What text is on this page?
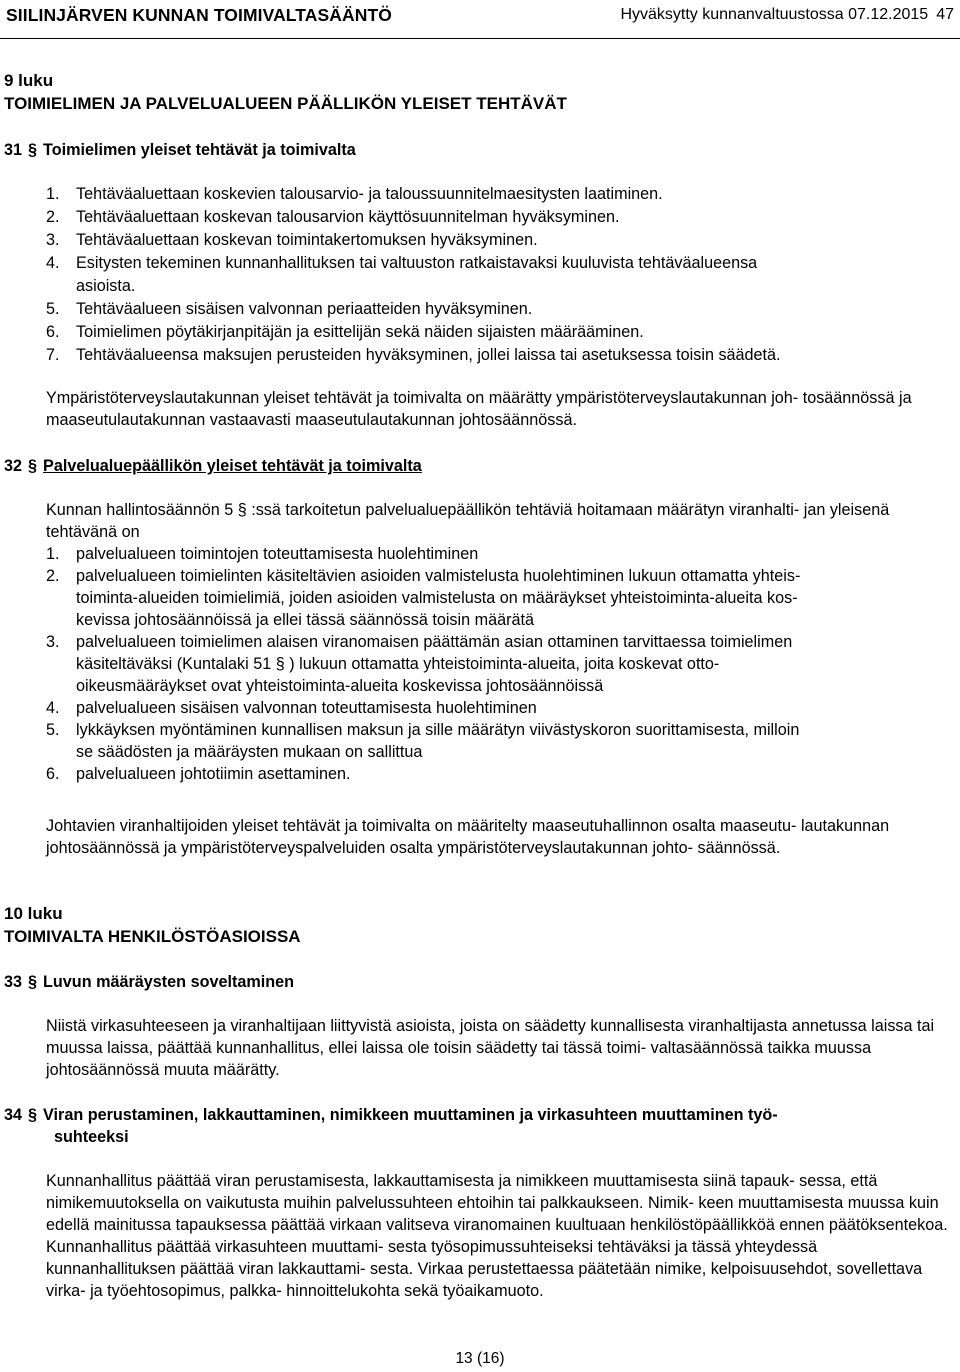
SIILINJÄRVEN KUNNAN TOIMIVALTASÄÄNTÖ	Hyväksytty kunnanvaltuustossa 07.12.2015 47
9 luku
TOIMIELIMEN JA PALVELUALUEEN PÄÄLLIKÖN YLEISET TEHTÄVÄT
31 § Toimielimen yleiset tehtävät ja toimivalta
1. Tehtäväaluettaan koskevien talousarvio- ja taloussuunnitelmaesitysten laatiminen.
2. Tehtäväaluettaan koskevan talousarvion käyttösuunnitelman hyväksyminen.
3. Tehtäväaluettaan koskevan toimintakertomuksen hyväksyminen.
4. Esitysten tekeminen kunnanhallituksen tai valtuuston ratkaistavaksi kuuluvista tehtäväalueensa
asioista.
5. Tehtäväalueen sisäisen valvonnan periaatteiden hyväksyminen.
6. Toimielimen pöytäkirjanpitäjän ja esittelijän sekä näiden sijaisten määrääminen.
7. Tehtäväalueensa maksujen perusteiden hyväksyminen, jollei laissa tai asetuksessa toisin säädetä.
Ympäristöterveyslautakunnan yleiset tehtävät ja toimivalta on määrätty ympäristöterveyslautakunnan joh- tosäännössä ja maaseutulautakunnan vastaavasti maaseutulautakunnan johtosäännössä.
32 § Palvelualuepäällikön yleiset tehtävät ja toimivalta
Kunnan hallintosäännön 5 § :ssä tarkoitetun palvelualuepäällikön tehtäviä hoitamaan määrätyn viranhalti- jan yleisenä tehtävänä on
1. palvelualueen toimintojen toteuttamisesta huolehtiminen
2. palvelualueen toimielinten käsiteltävien asioiden valmistelusta huolehtiminen lukuun ottamatta yhteis-
toiminta-alueiden toimielimiä, joiden asioiden valmistelusta on määräykset yhteistoiminta-alueita kos-
kevissa johtosäännöissä ja ellei tässä säännössä toisin määrätä
3. palvelualueen toimielimen alaisen viranomaisen päättämän asian ottaminen tarvittaessa toimielimen
käsiteltäväksi (Kuntalaki 51 § ) lukuun ottamatta yhteistoiminta-alueita, joita koskevat otto-
oikeusmääräykset ovat yhteistoiminta-alueita koskevissa johtosäännöissä
4. palvelualueen sisäisen valvonnan toteuttamisesta huolehtiminen
5. lykkäyksen myöntäminen kunnallisen maksun ja sille määrätyn viivästyskoron suorittamisesta, milloin
se säädösten ja määräysten mukaan on sallittua
6. palvelualueen johtotiimin asettaminen.
Johtavien viranhaltijoiden yleiset tehtävät ja toimivalta on määritelty maaseutuhallinnon osalta maaseutu- lautakunnan johtosäännössä ja ympäristöterveyspalveluiden osalta ympäristöterveyslautakunnan johto- säännössä.
10 luku
TOIMIVALTA HENKILÖSTÖASIOISSA
33 § Luvun määräysten soveltaminen
Niistä virkasuhteeseen ja viranhaltijaan liittyvistä asioista, joista on säädetty kunnallisesta viranhaltijasta annetussa laissa tai muussa laissa, päättää kunnanhallitus, ellei laissa ole toisin säädetty tai tässä toimi- valtasäännössä taikka muussa johtosäännössä muuta määrätty.
34 § Viran perustaminen, lakkauttaminen, nimikkeen muuttaminen ja virkasuhteen muuttaminen työ-
suhteeksi
Kunnanhallitus päättää viran perustamisesta, lakkauttamisesta ja nimikkeen muuttamisesta siinä tapauk- sessa, että nimikemuutoksella on vaikutusta muihin palvelussuhteen ehtoihin tai palkkaukseen. Nimik- keen muuttamisesta muussa kuin edellä mainitussa tapauksessa päättää virkaan valitseva viranomainen kuultuaan henkilöstöpäällikköä ennen päätöksentekoa. Kunnanhallitus päättää virkasuhteen muuttami- sesta työsopimussuhteiseksi tehtäväksi ja tässä yhteydessä kunnanhallituksen päättää viran lakkauttami- sesta. Virkaa perustettaessa päätetään nimike, kelpoisuusehdot, sovellettava virka- ja työehtosopimus, palkka- hinnoittelukohta sekä työaikamuoto.
13 (16)
